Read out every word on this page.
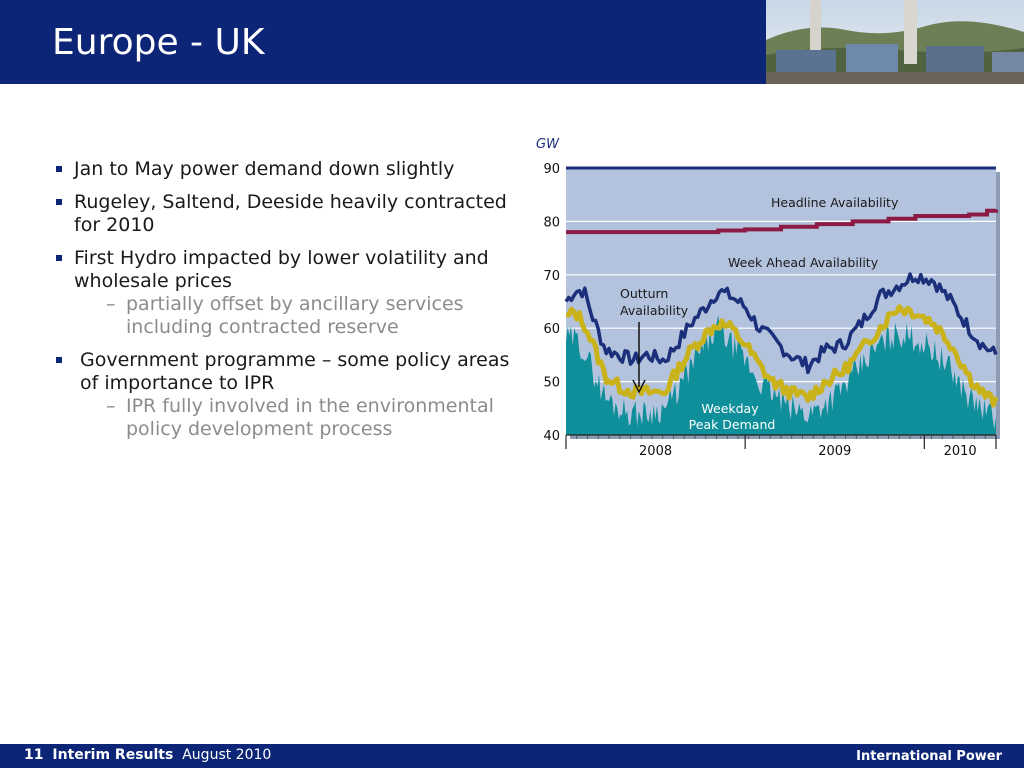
Europe - UK
Jan to May power demand down slightly
Rugeley, Saltend, Deeside heavily contracted for 2010
First Hydro impacted by lower volatility and wholesale prices
– partially offset by ancillary services including contracted reserve
Government programme – some policy areas of importance to IPR
– IPR fully involved in the environmental policy development process	40
50
60
70
80
90
2008	2009	2010
GW
Headline Availability
Week Ahead Availability
Outturn Availability
Weekday Peak Demand
11 Interim Results August 2010	International Power
